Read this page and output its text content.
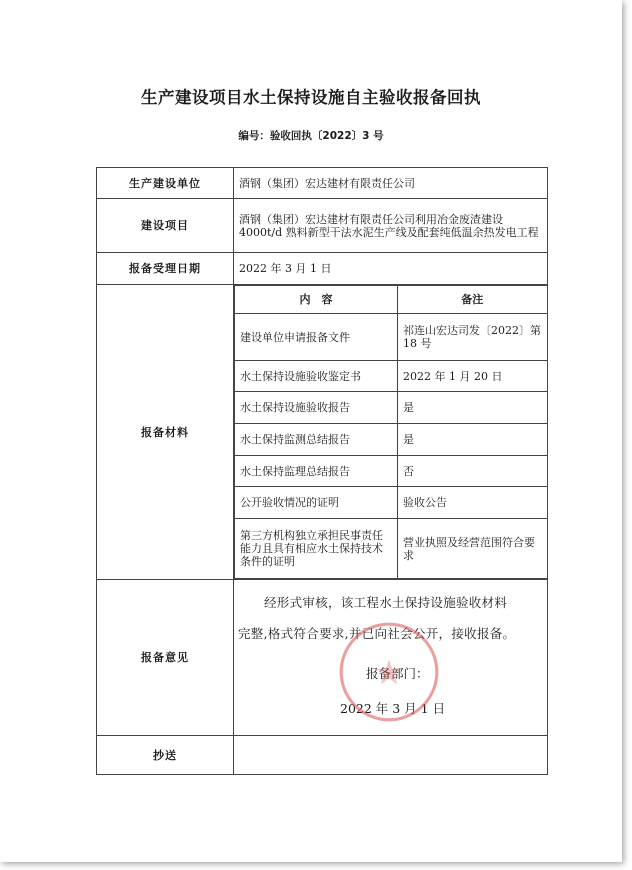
生产建设项目水土保持设施自主验收报备回执
编号：验收回执〔2022〕3 号
生产建设单位	酒钢（集团）宏达建材有限责任公司
建设项目	酒钢（集团）宏达建材有限责任公司利用冶金废渣建设4000t/d 熟料新型干法水泥生产线及配套纯低温余热发电工程
报备受理日期	2022 年 3 月 1 日
报备材料	
内　容	备注
建设单位申请报备文件	祁连山宏达司发〔2022〕第 18 号
水土保持设施验收鉴定书	2022 年 1 月 20 日
水土保持设施验收报告	是
水土保持监测总结报告	是
水土保持监理总结报告	否
公开验收情况的证明	验收公告
第三方机构独立承担民事责任能力且具有相应水土保持技术条件的证明	营业执照及经营范围符合要求

报备意见	
经形式审核，该工程水土保持设施验收材料
完整,格式符合要求,并已向社会公开，接收报备。
报备部门：
2022 年 3 月 1 日

抄送	
